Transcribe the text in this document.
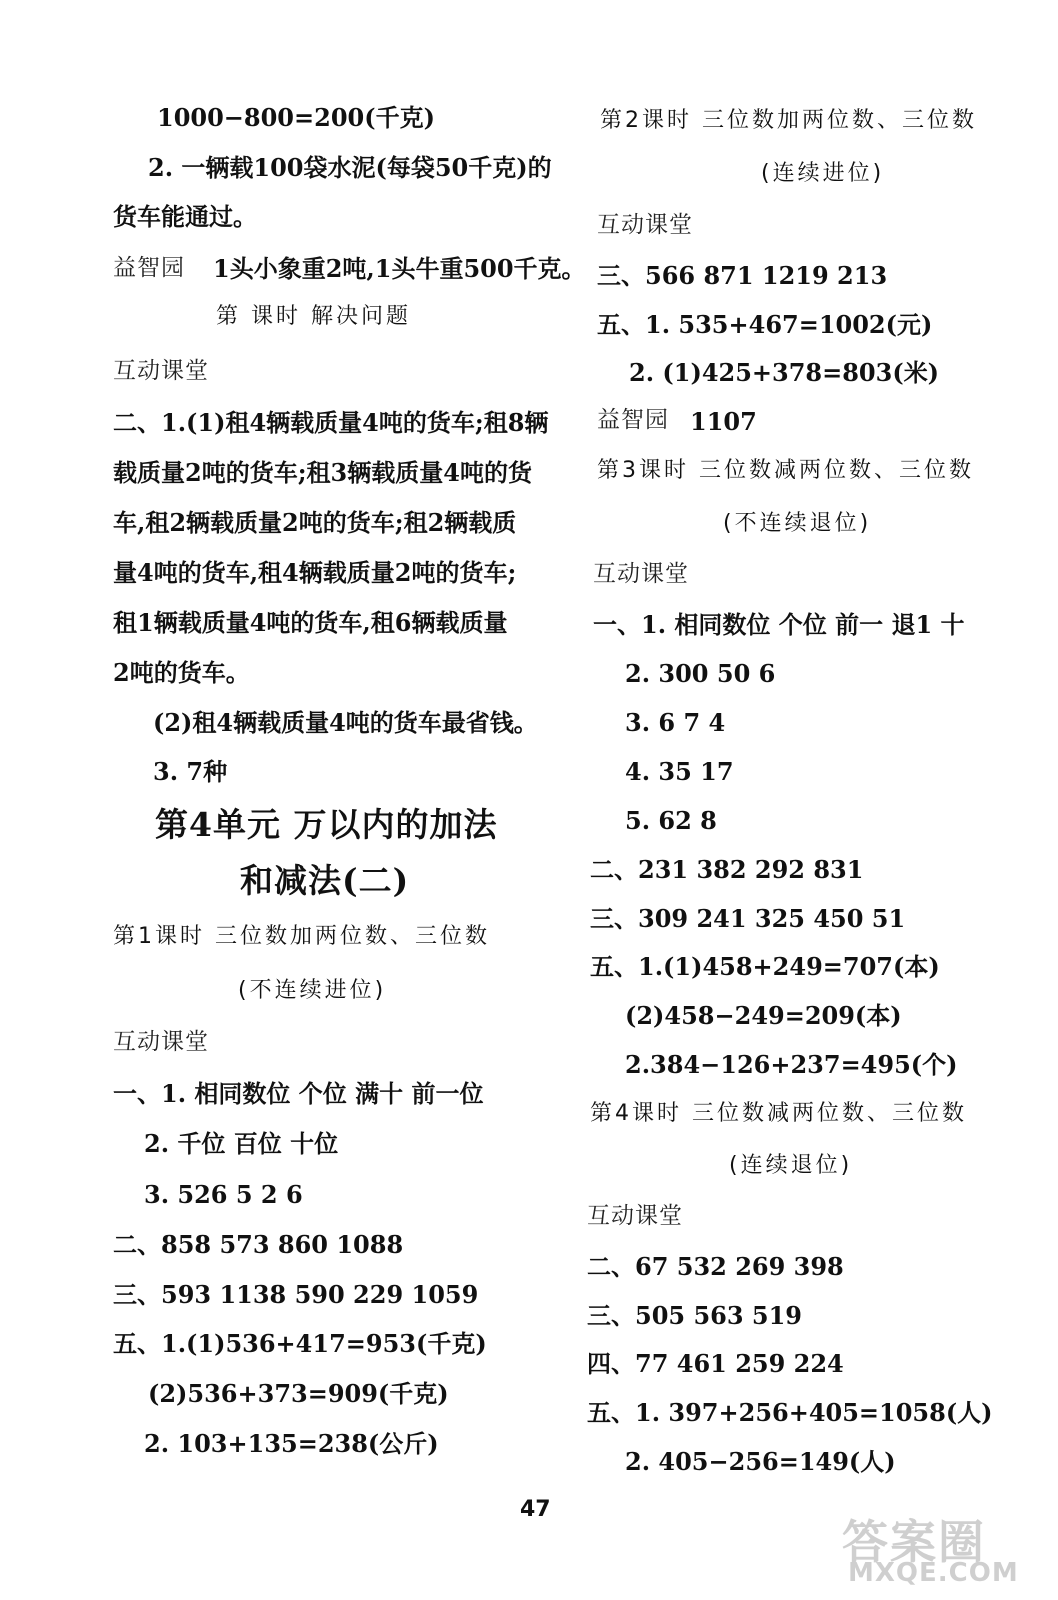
1000−800=200(千克)
2. 一辆载100袋水泥(每袋50千克)的
货车能通过。
益智园 1头小象重2吨,1头牛重500千克。
第 课时 解决问题
互动课堂
二、1.(1)租4辆载质量4吨的货车;租8辆
载质量2吨的货车;租3辆载质量4吨的货
车,租2辆载质量2吨的货车;租2辆载质
量4吨的货车,租4辆载质量2吨的货车;
租1辆载质量4吨的货车,租6辆载质量
2吨的货车。
(2)租4辆载质量4吨的货车最省钱。
3. 7种
第4单元 万以内的加法
和减法(二)
第1课时 三位数加两位数、三位数
(不连续进位)
互动课堂
一、1. 相同数位 个位 满十 前一位
2. 千位 百位 十位
3. 526 5 2 6
二、858 573 860 1088
三、593 1138 590 229 1059
五、1.(1)536+417=953(千克)
(2)536+373=909(千克)
2. 103+135=238(公斤)
第2课时 三位数加两位数、三位数
(连续进位)
互动课堂
三、566 871 1219 213
五、1. 535+467=1002(元)
2. (1)425+378=803(米)
益智园 1107
第3课时 三位数减两位数、三位数
(不连续退位)
互动课堂
一、1. 相同数位 个位 前一 退1 十
2. 300 50 6
3. 6 7 4
4. 35 17
5. 62 8
二、231 382 292 831
三、309 241 325 450 51
五、1.(1)458+249=707(本)
(2)458−249=209(本)
2.384−126+237=495(个)
第4课时 三位数减两位数、三位数
(连续退位)
互动课堂
二、67 532 269 398
三、505 563 519
四、77 461 259 224
五、1. 397+256+405=1058(人)
2. 405−256=149(人)
47
答案圈
MXQE.COM
